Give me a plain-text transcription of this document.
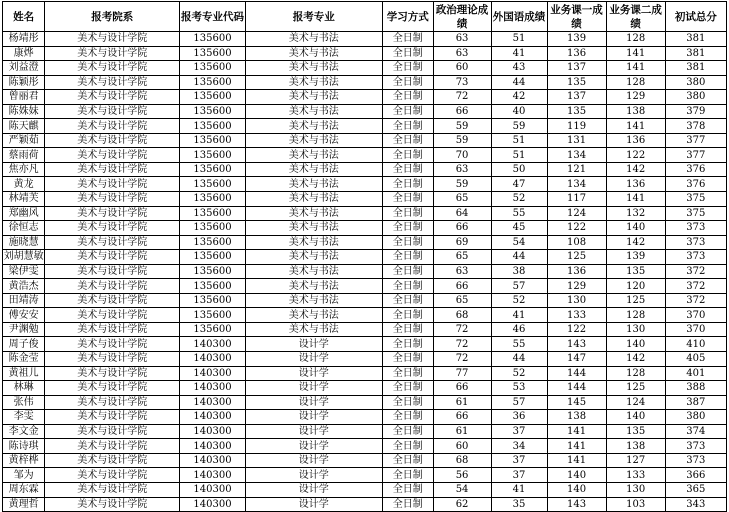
姓名	报考院系	报考专业代码	报考专业	学习方式	政治理论成绩	外国语成绩	业务课一成绩	业务课二成绩	初试总分
杨靖彤	美术与设计学院	135600	美术与书法	全日制	63	51	139	128	381
康烨	美术与设计学院	135600	美术与书法	全日制	63	41	136	141	381
刘益澄	美术与设计学院	135600	美术与书法	全日制	60	43	137	141	381
陈颖彤	美术与设计学院	135600	美术与书法	全日制	73	44	135	128	380
曾丽君	美术与设计学院	135600	美术与书法	全日制	72	42	137	129	380
陈姝妹	美术与设计学院	135600	美术与书法	全日制	66	40	135	138	379
陈天麒	美术与设计学院	135600	美术与书法	全日制	59	59	119	141	378
严颖茹	美术与设计学院	135600	美术与书法	全日制	59	51	131	136	377
蔡雨荷	美术与设计学院	135600	美术与书法	全日制	70	51	134	122	377
焦亦凡	美术与设计学院	135600	美术与书法	全日制	63	50	121	142	376
黄龙	美术与设计学院	135600	美术与书法	全日制	59	47	134	136	376
林靖芙	美术与设计学院	135600	美术与书法	全日制	65	52	117	141	375
郑幽风	美术与设计学院	135600	美术与书法	全日制	64	55	124	132	375
徐恒志	美术与设计学院	135600	美术与书法	全日制	66	45	122	140	373
施晓慧	美术与设计学院	135600	美术与书法	全日制	69	54	108	142	373
刘胡慧敏	美术与设计学院	135600	美术与书法	全日制	65	44	125	139	373
梁伊雯	美术与设计学院	135600	美术与书法	全日制	63	38	136	135	372
黄浩杰	美术与设计学院	135600	美术与书法	全日制	66	57	129	120	372
田靖涛	美术与设计学院	135600	美术与书法	全日制	65	52	130	125	372
傅安安	美术与设计学院	135600	美术与书法	全日制	68	41	133	128	370
尹渊勉	美术与设计学院	135600	美术与书法	全日制	72	46	122	130	370
周子俊	美术与设计学院	140300	设计学	全日制	72	55	143	140	410
陈金莹	美术与设计学院	140300	设计学	全日制	72	44	147	142	405
黄祖儿	美术与设计学院	140300	设计学	全日制	77	52	144	128	401
林琳	美术与设计学院	140300	设计学	全日制	66	53	144	125	388
张伟	美术与设计学院	140300	设计学	全日制	61	57	145	124	387
李雯	美术与设计学院	140300	设计学	全日制	66	36	138	140	380
李文金	美术与设计学院	140300	设计学	全日制	61	37	141	135	374
陈诗琪	美术与设计学院	140300	设计学	全日制	60	34	141	138	373
黄梓桦	美术与设计学院	140300	设计学	全日制	68	37	141	127	373
邹为	美术与设计学院	140300	设计学	全日制	56	37	140	133	366
周东霖	美术与设计学院	140300	设计学	全日制	54	41	140	130	365
黄理哲	美术与设计学院	140300	设计学	全日制	62	35	143	103	343
